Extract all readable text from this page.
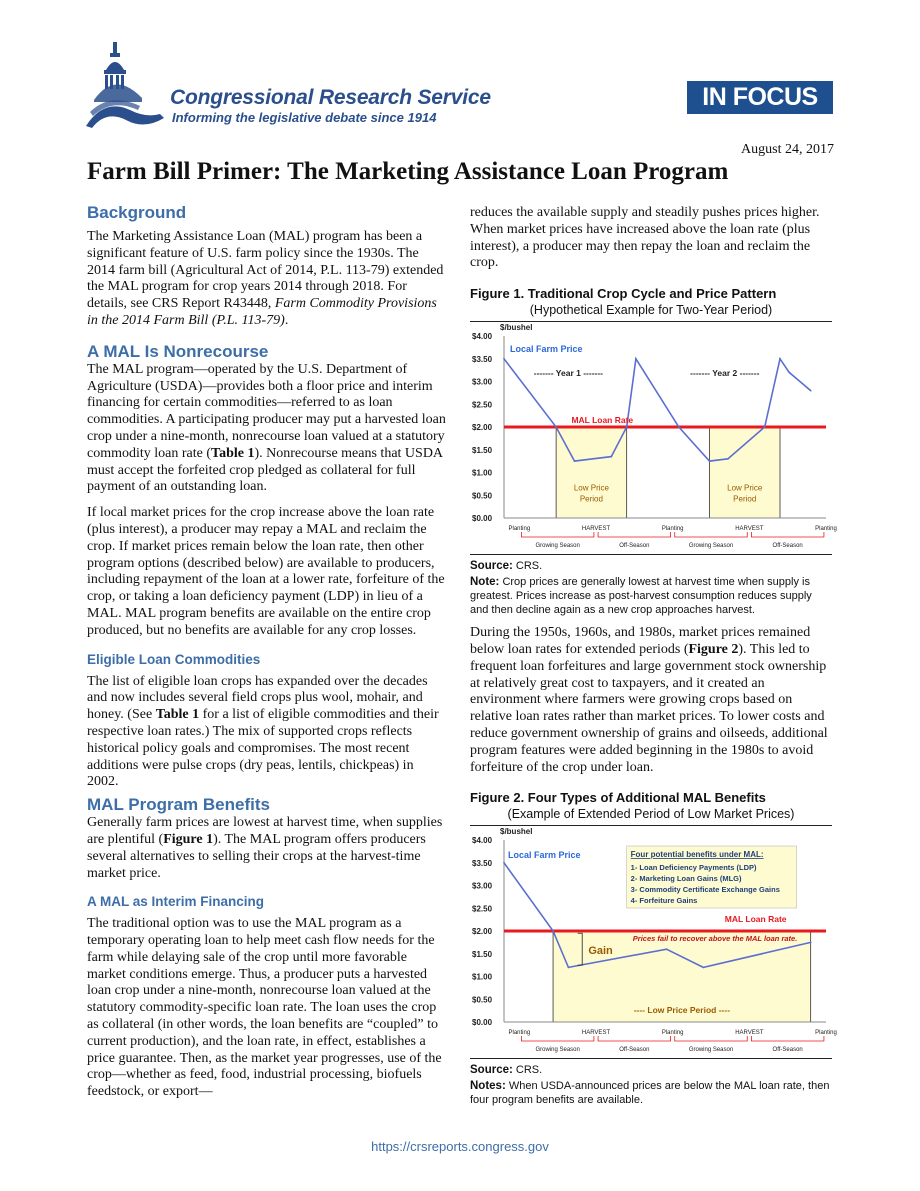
Congressional Research Service
Informing the legislative debate since 1914
IN FOCUS
August 24, 2017
Farm Bill Primer: The Marketing Assistance Loan Program
Background

The Marketing Assistance Loan (MAL) program has been a significant feature of U.S. farm policy since the 1930s. The 2014 farm bill (Agricultural Act of 2014, P.L. 113-79) extended the MAL program for crop years 2014 through 2018. For details, see CRS Report R43448, Farm Commodity Provisions in the 2014 Farm Bill (P.L. 113-79).

A MAL Is Nonrecourse

The MAL program—operated by the U.S. Department of Agriculture (USDA)—provides both a floor price and interim financing for certain commodities—referred to as loan commodities. A participating producer may put a harvested loan crop under a nine-month, nonrecourse loan valued at a statutory commodity loan rate (Table 1). Nonrecourse means that USDA must accept the forfeited crop pledged as collateral for full payment of an outstanding loan.

If local market prices for the crop increase above the loan rate (plus interest), a producer may repay a MAL and reclaim the crop. If market prices remain below the loan rate, then other program options (described below) are available to producers, including repayment of the loan at a lower rate, forfeiture of the crop, or taking a loan deficiency payment (LDP) in lieu of a MAL. MAL program benefits are available on the entire crop produced, but no benefits are available for any crop losses.

Eligible Loan Commodities

The list of eligible loan crops has expanded over the decades and now includes several field crops plus wool, mohair, and honey. (See Table 1 for a list of eligible commodities and their respective loan rates.) The mix of supported crops reflects historical policy goals and compromises. The most recent additions were pulse crops (dry peas, lentils, chickpeas) in 2002.

MAL Program Benefits

Generally farm prices are lowest at harvest time, when supplies are plentiful (Figure 1). The MAL program offers producers several alternatives to selling their crops at the harvest-time market price.

A MAL as Interim Financing

The traditional option was to use the MAL program as a temporary operating loan to help meet cash flow needs for the farm while delaying sale of the crop until more favorable market conditions emerge. Thus, a producer puts a harvested loan crop under a nine-month, nonrecourse loan valued at the statutory commodity-specific loan rate. The loan uses the crop as collateral (in other words, the loan benefits are “coupled” to current production), and the loan rate, in effect, establishes a price guarantee. Then, as the market year progresses, use of the crop—whether as feed, food, industrial processing, biofuels feedstock, or export—

reduces the available supply and steadily pushes prices higher. When market prices have increased above the loan rate (plus interest), a producer may then repay the loan and reclaim the crop.

Figure 1. Traditional Crop Cycle and Price Pattern
(Hypothetical Example for Two-Year Period)
$0.00
$0.50
$1.00
$1.50
$2.00
$2.50
$3.00
$3.50
$4.00
$/bushel
Planting	HARVEST	Planting	HARVEST	Planting
Growing Season	Off-Season	Growing Season	Off-Season
Local Farm Price
------- Year 1 -------	------- Year 2 -------
MAL Loan Rate
Low Price
Period
Low Price
Period
Source: CRS.
Note: Crop prices are generally lowest at harvest time when supply is greatest. Prices increase as post-harvest consumption reduces supply and then decline again as a new crop approaches harvest.

During the 1950s, 1960s, and 1980s, market prices remained below loan rates for extended periods (Figure 2). This led to frequent loan forfeitures and large government stock ownership at relatively great cost to taxpayers, and it created an environment where farmers were growing crops based on relative loan rates rather than market prices. To lower costs and reduce government ownership of grains and oilseeds, additional program features were added beginning in the 1980s to avoid forfeiture of the crop under loan.

Figure 2. Four Types of Additional MAL Benefits
(Example of Extended Period of Low Market Prices)
$0.00
$0.50
$1.00
$1.50
$2.00
$2.50
$3.00
$3.50
$4.00
$/bushel
Planting	HARVEST	Planting	HARVEST	Planting
Growing Season	Off-Season	Growing Season	Off-Season
Local Farm Price
MAL Loan Rate
Prices fail to recover above the MAL loan rate.
Gain
---- Low Price Period ----
Four potential benefits under MAL:
1- Loan Deficiency Payments (LDP)
2- Marketing Loan Gains (MLG)
3- Commodity Certificate Exchange Gains
4- Forfeiture Gains
Source: CRS.
Notes: When USDA-announced prices are below the MAL loan rate, then four program benefits are available.
https://crsreports.congress.gov
